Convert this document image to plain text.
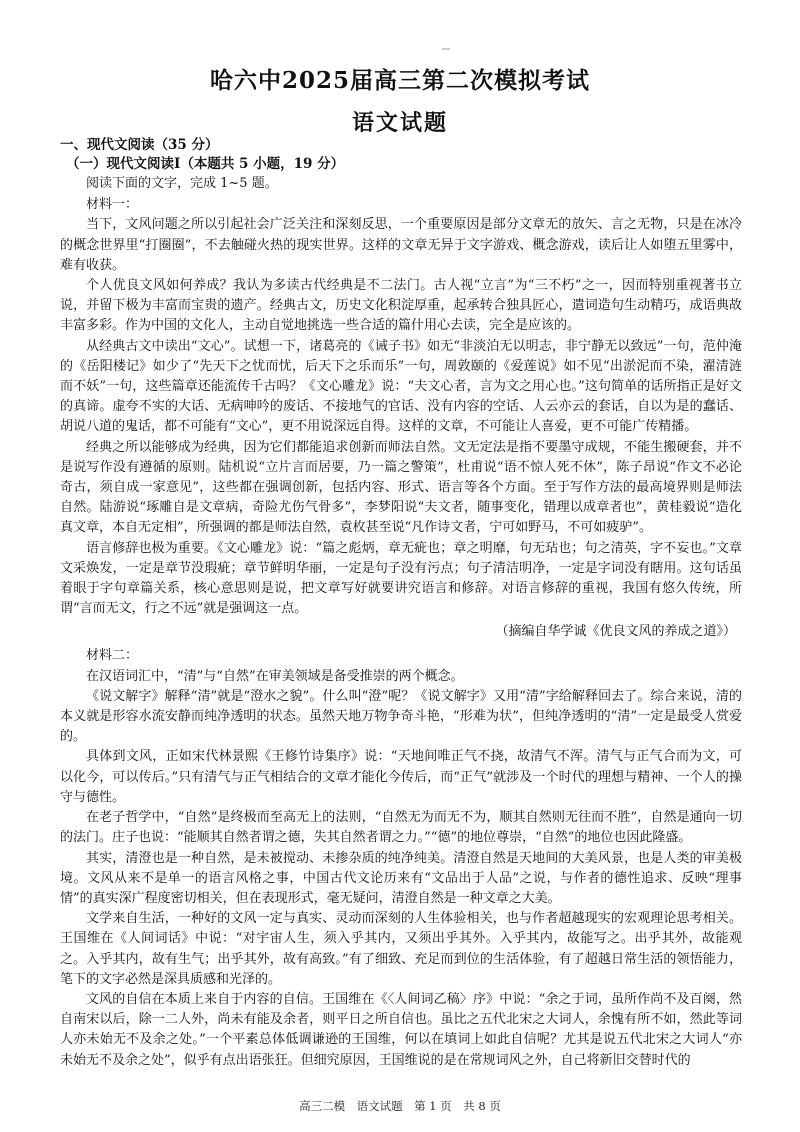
哈六中2025届高三第二次模拟考试
语文试题

一、现代文阅读（35 分）

（一）现代文阅读Ⅰ（本题共 5 小题，19 分）

阅读下面的文字，完成 1~5 题。

材料一：

当下，文风问题之所以引起社会广泛关注和深刻反思，一个重要原因是部分文章无的放矢、言之无物，只是在冰冷的概念世界里“打圈圈”，不去触碰火热的现实世界。这样的文章无异于文字游戏、概念游戏，读后让人如堕五里雾中，难有收获。

个人优良文风如何养成？我认为多读古代经典是不二法门。古人视“立言”为“三不朽”之一，因而特别重视著书立说，并留下极为丰富而宝贵的遗产。经典古文，历史文化积淀厚重，起承转合独具匠心，遣词造句生动精巧，成语典故丰富多彩。作为中国的文化人，主动自觉地挑选一些合适的篇什用心去读，完全是应该的。

从经典古文中读出“文心”。试想一下，诸葛亮的《诫子书》如无“非淡泊无以明志，非宁静无以致远”一句，范仲淹的《岳阳楼记》如少了“先天下之忧而忧，后天下之乐而乐”一句，周敦颐的《爱莲说》如不见“出淤泥而不染，濯清涟而不妖”一句，这些篇章还能流传千古吗？《文心雕龙》说：“夫文心者，言为文之用心也。”这句简单的话所指正是好文的真谛。虚夸不实的大话、无病呻吟的废话、不接地气的官话、没有内容的空话、人云亦云的套话，自以为是的蠢话、胡说八道的鬼话，都不可能有“文心”，更不用说深远自得。这样的文章，不可能让人喜爱，更不可能广传精播。

经典之所以能够成为经典，因为它们都能追求创新而师法自然。文无定法是指不要墨守成规，不能生搬硬套，并不是说写作没有遵循的原则。陆机说“立片言而居要，乃一篇之警策”，杜甫说“语不惊人死不休”，陈子昂说“作文不必论奇古，须自成一家意见”，这些都在强调创新，包括内容、形式、语言等各个方面。至于写作方法的最高境界则是师法自然。陆游说“琢雕自是文章病，奇险尤伤气骨多”，李梦阳说“夫文者，随事变化，错理以成章者也”，黄桂毅说“造化真文章，本自无定相”，所强调的都是师法自然，袁枚甚至说“凡作诗文者，宁可如野马，不可如疲驴”。

语言修辞也极为重要。《文心雕龙》说：“篇之彪炳，章无疵也；章之明靡，句无玷也；句之清英，字不妄也。”文章文采焕发，一定是章节没瑕疵；章节鲜明华丽，一定是句子没有污点；句子清洁明净，一定是字词没有瞎用。这句话虽着眼于字句章篇关系，核心意思则是说，把文章写好就要讲究语言和修辞。对语言修辞的重视，我国有悠久传统，所谓“言而无文，行之不远”就是强调这一点。

（摘编自华学诚《优良文风的养成之道》）

材料二：

在汉语词汇中，“清”与“自然”在审美领域是备受推崇的两个概念。

《说文解字》解释“清”就是“澄水之貌”。什么叫“澄”呢？《说文解字》又用“清”字给解释回去了。综合来说，清的本义就是形容水流安静而纯净透明的状态。虽然天地万物争奇斗艳，“形难为状”，但纯净透明的“清”一定是最受人赏爱的。

具体到文风，正如宋代林景熙《王修竹诗集序》说：“天地间唯正气不挠，故清气不浑。清气与正气合而为文，可以化今，可以传后。”只有清气与正气相结合的文章才能化今传后，而“正气”就涉及一个时代的理想与精神、一个人的操守与德性。

在老子哲学中，“自然”是终极而至高无上的法则，“自然无为而无不为，顺其自然则无往而不胜”，自然是通向一切的法门。庄子也说：“能顺其自然者谓之德，失其自然者谓之力。”“德”的地位尊崇，“自然”的地位也因此隆盛。

其实，清澄也是一种自然，是未被搅动、未掺杂质的纯净纯美。清澄自然是天地间的大美风景，也是人类的审美极境。文风从来不是单一的语言风格之事，中国古代文论历来有“文品出于人品”之说，与作者的德性追求、反映“理事情”的真实深广程度密切相关，但在表现形式，毫无疑问，清澄自然是一种文章之大美。

文学来自生活，一种好的文风一定与真实、灵动而深刻的人生体验相关，也与作者超越现实的宏观理论思考相关。王国维在《人间词话》中说：“对宇宙人生，须入乎其内，又须出乎其外。入乎其内，故能写之。出乎其外，故能观之。入乎其内，故有生气；出乎其外，故有高致。”有了细致、充足而到位的生活体验，有了超越日常生活的领悟能力，笔下的文字必然是深具质感和光泽的。

文风的自信在本质上来自于内容的自信。王国维在《〈人间词乙稿〉序》中说：“余之于词，虽所作尚不及百阕，然自南宋以后，除一二人外，尚未有能及余者，则平日之所自信也。虽比之五代北宋之大词人，余愧有所不如，然此等词人亦未始无不及余之处。”一个平素总体低调谦逊的王国维，何以在填词上如此自信呢？尤其是说五代北宋之大词人“亦未始无不及余之处”，似乎有点出语张狂。但细究原因，王国维说的是在常规词风之外，自己将新旧交替时代的

高三二模　语文试题　第 1 页　共 8 页
